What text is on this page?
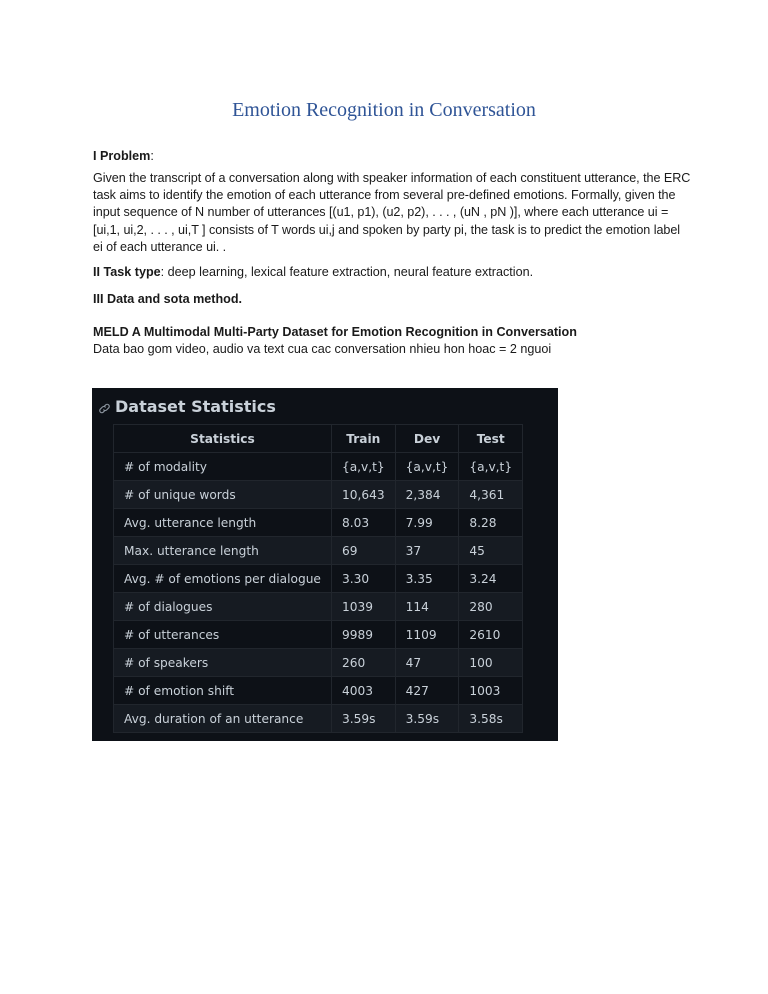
Emotion Recognition in Conversation
I Problem:
Given the transcript of a conversation along with speaker information of each constituent utterance, the ERC task aims to identify the emotion of each utterance from several pre-defined emotions. Formally, given the input sequence of N number of utterances [(u1, p1), (u2, p2), . . . , (uN , pN )], where each utterance ui = [ui,1, ui,2, . . . , ui,T ] consists of T words ui,j and spoken by party pi, the task is to predict the emotion label ei of each utterance ui. .
II Task type: deep learning, lexical feature extraction, neural feature extraction.
III Data and sota method.
MELD A Multimodal Multi-Party Dataset for Emotion Recognition in Conversation
Data bao gom video, audio va text cua cac conversation nhieu hon hoac = 2 nguoi
Dataset Statistics
Statistics	Train	Dev	Test
# of modality	{a,v,t}	{a,v,t}	{a,v,t}
# of unique words	10,643	2,384	4,361
Avg. utterance length	8.03	7.99	8.28
Max. utterance length	69	37	45
Avg. # of emotions per dialogue	3.30	3.35	3.24
# of dialogues	1039	114	280
# of utterances	9989	1109	2610
# of speakers	260	47	100
# of emotion shift	4003	427	1003
Avg. duration of an utterance	3.59s	3.59s	3.58s
